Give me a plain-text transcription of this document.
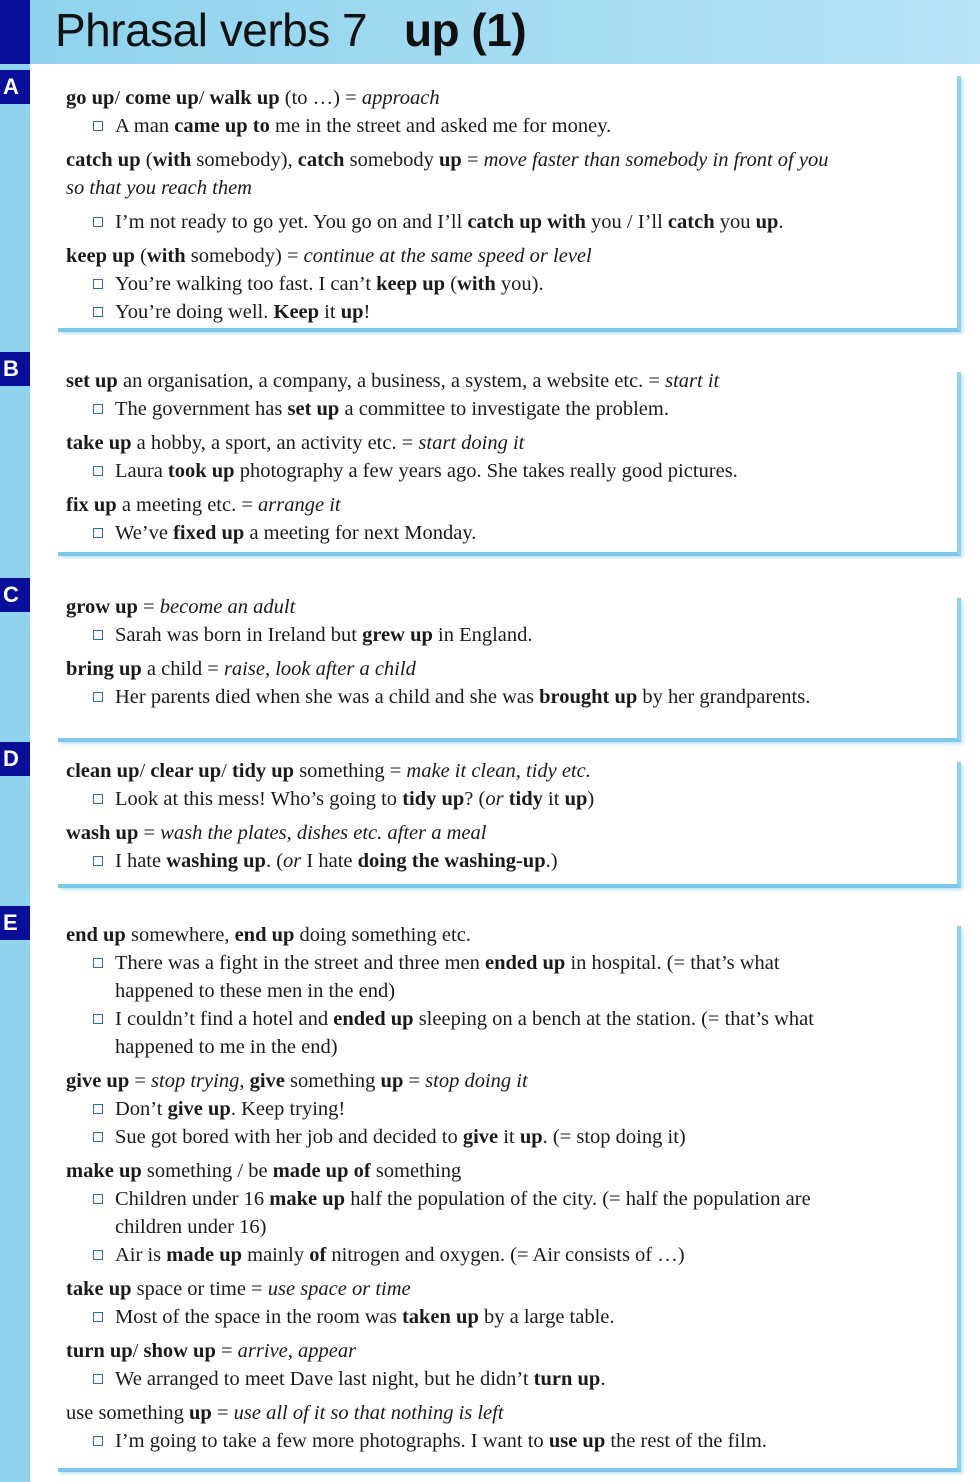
Phrasal verbs 7 up (1)
A	go up/ come up/ walk up (to …) = approach
A man came up to me in the street and asked me for money.
catch up (with somebody), catch somebody up = move faster than somebody in front of you
so that you reach them
I’m not ready to go yet. You go on and I’ll catch up with you / I’ll catch you up.
keep up (with somebody) = continue at the same speed or level
You’re walking too fast. I can’t keep up (with you).
You’re doing well. Keep it up!
B	set up an organisation, a company, a business, a system, a website etc. = start it
The government has set up a committee to investigate the problem.
take up a hobby, a sport, an activity etc. = start doing it
Laura took up photography a few years ago. She takes really good pictures.
fix up a meeting etc. = arrange it
We’ve fixed up a meeting for next Monday.
C	grow up = become an adult
Sarah was born in Ireland but grew up in England.
bring up a child = raise, look after a child
Her parents died when she was a child and she was brought up by her grandparents.
D	clean up/ clear up/ tidy up something = make it clean, tidy etc.
Look at this mess! Who’s going to tidy up? (or tidy it up)
wash up = wash the plates, dishes etc. after a meal
I hate washing up. (or I hate doing the washing-up.)
E	end up somewhere, end up doing something etc.
There was a fight in the street and three men ended up in hospital. (= that’s what
happened to these men in the end)
I couldn’t find a hotel and ended up sleeping on a bench at the station. (= that’s what
happened to me in the end)
give up = stop trying, give something up = stop doing it
Don’t give up. Keep trying!
Sue got bored with her job and decided to give it up. (= stop doing it)
make up something / be made up of something
Children under 16 make up half the population of the city. (= half the population are
children under 16)
Air is made up mainly of nitrogen and oxygen. (= Air consists of …)
take up space or time = use space or time
Most of the space in the room was taken up by a large table.
turn up/ show up = arrive, appear
We arranged to meet Dave last night, but he didn’t turn up.
use something up = use all of it so that nothing is left
I’m going to take a few more photographs. I want to use up the rest of the film.
